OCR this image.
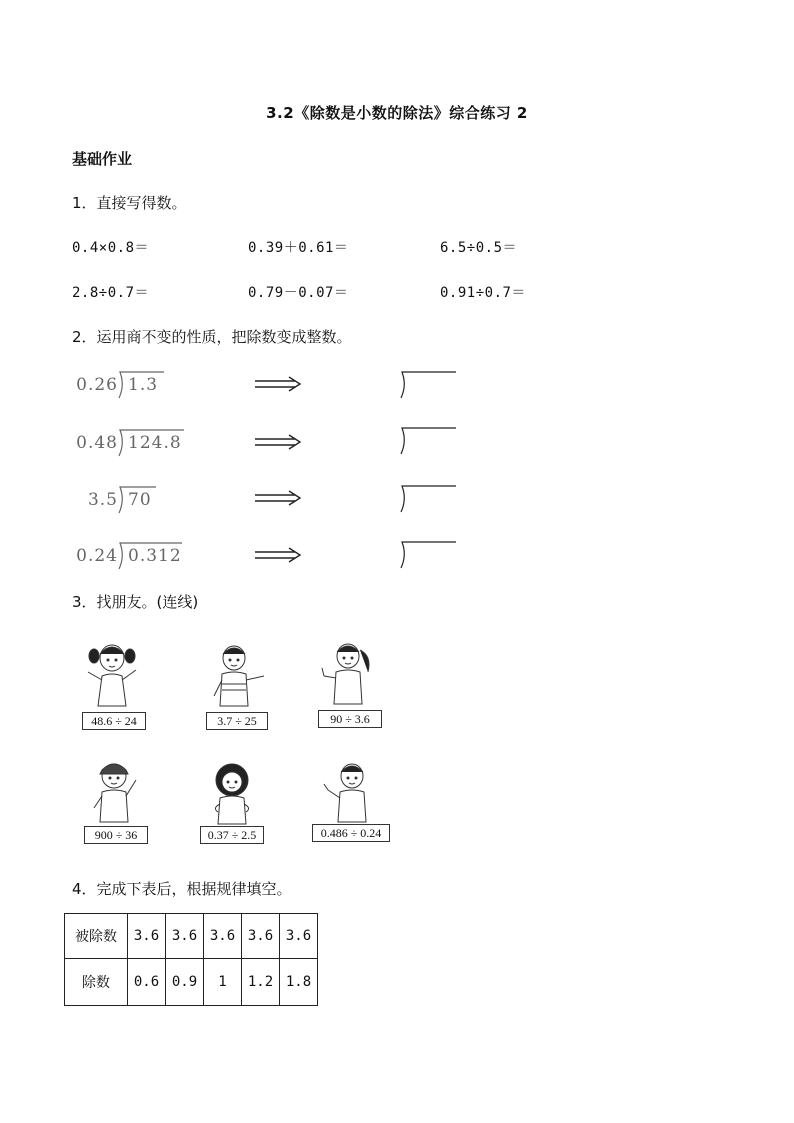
3.2《除数是小数的除法》综合练习 2
基础作业
1．直接写得数。
0.4×0.8＝	0.39＋0.61＝	6.5÷0.5＝
2.8÷0.7＝	0.79－0.07＝	0.91÷0.7＝
2．运用商不变的性质，把除数变成整数。
0.26 1.3
0.48 124.8
3.5 70
0.24 0.312
3．找朋友。(连线)
48.6 ÷ 24	3.7 ÷ 25	90 ÷ 3.6
900 ÷ 36	0.37 ÷ 2.5	0.486 ÷ 0.24
4．完成下表后，根据规律填空。
被除数	3.6	3.6	3.6	3.6	3.6
除数	0.6	0.9	1	1.2	1.8
